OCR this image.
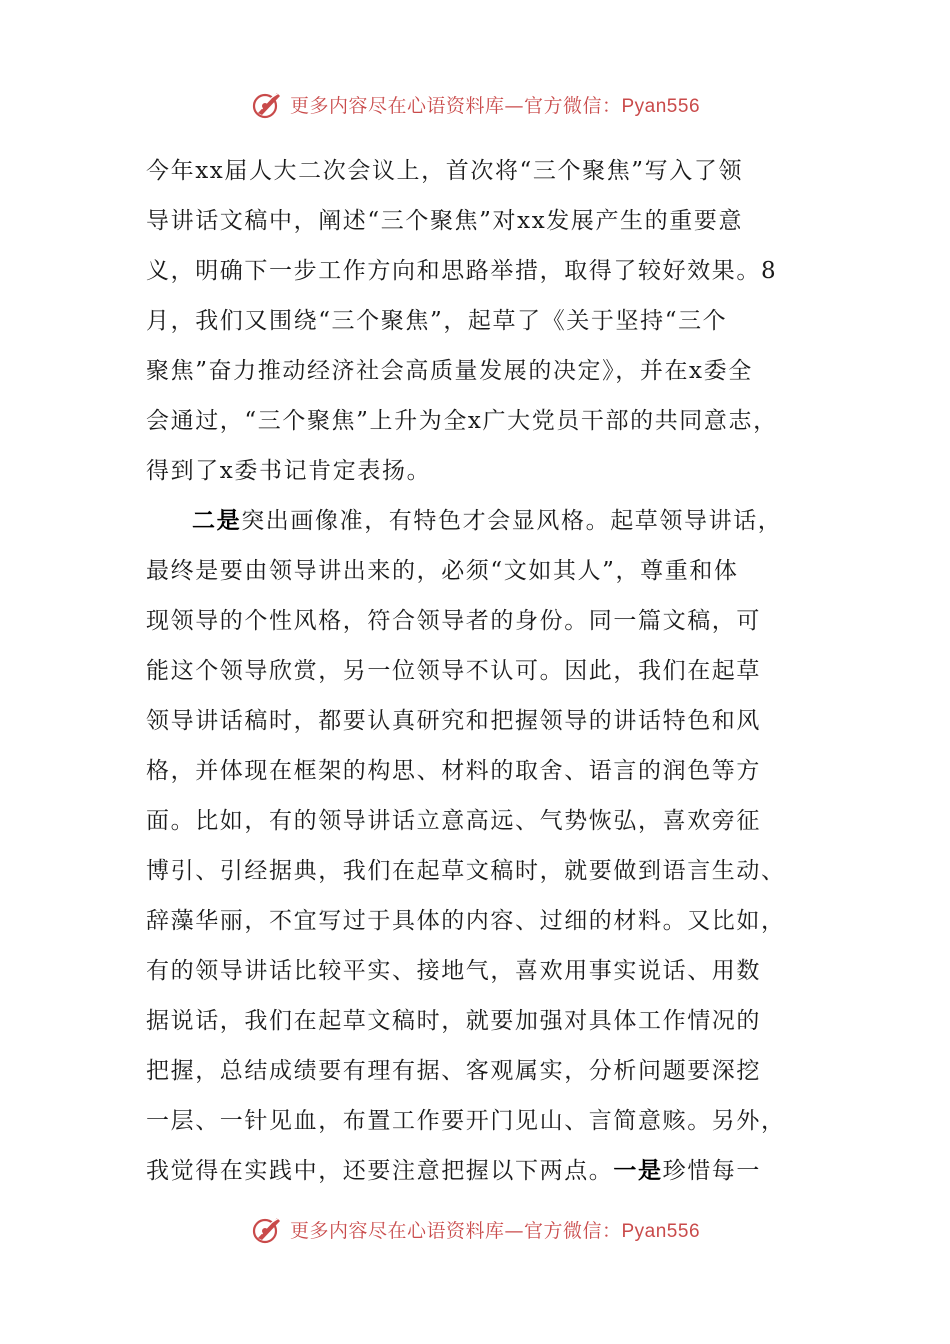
更多内容尽在心语资料库—官方微信：Pyan556
今年xx届人大二次会议上，首次将“三个聚焦”写入了领
导讲话文稿中，阐述“三个聚焦”对xx发展产生的重要意
义，明确下一步工作方向和思路举措，取得了较好效果。8
月，我们又围绕“三个聚焦”，起草了《关于坚持“三个
聚焦”奋力推动经济社会高质量发展的决定》，并在x委全
会通过，“三个聚焦”上升为全x广大党员干部的共同意志，
得到了x委书记肯定表扬。
二是突出画像准，有特色才会显风格。起草领导讲话，
最终是要由领导讲出来的，必须“文如其人”，尊重和体
现领导的个性风格，符合领导者的身份。同一篇文稿，可
能这个领导欣赏，另一位领导不认可。因此，我们在起草
领导讲话稿时，都要认真研究和把握领导的讲话特色和风
格，并体现在框架的构思、材料的取舍、语言的润色等方
面。比如，有的领导讲话立意高远、气势恢弘，喜欢旁征
博引、引经据典，我们在起草文稿时，就要做到语言生动、
辞藻华丽，不宜写过于具体的内容、过细的材料。又比如，
有的领导讲话比较平实、接地气，喜欢用事实说话、用数
据说话，我们在起草文稿时，就要加强对具体工作情况的
把握，总结成绩要有理有据、客观属实，分析问题要深挖
一层、一针见血，布置工作要开门见山、言简意赅。另外，
我觉得在实践中，还要注意把握以下两点。一是珍惜每一
更多内容尽在心语资料库—官方微信：Pyan556
